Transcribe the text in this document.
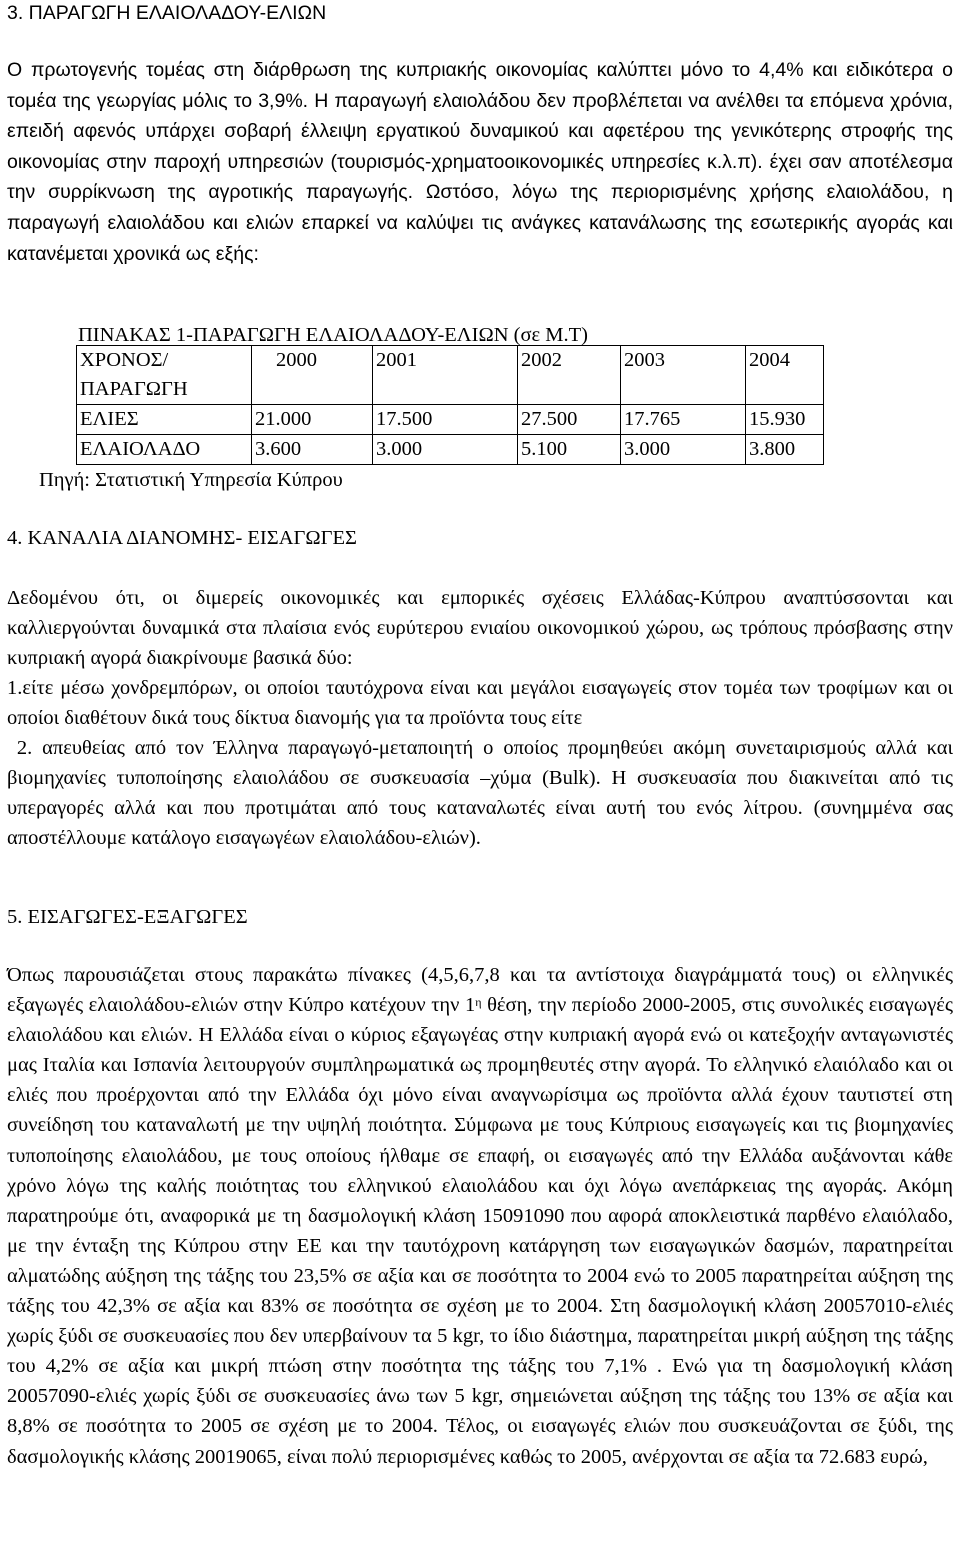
3. ΠΑΡΑΓΩΓΗ ΕΛΑΙΟΛΑΔΟΥ-ΕΛΙΩΝ

Ο πρωτογενής τομέας στη διάρθρωση της κυπριακής οικονομίας καλύπτει μόνο το 4,4% και ειδικότερα ο τομέα της γεωργίας μόλις το 3,9%. Η παραγωγή ελαιολάδου δεν προβλέπεται να ανέλθει τα επόμενα χρόνια, επειδή αφενός υπάρχει σοβαρή έλλειψη εργατικού δυναμικού και αφετέρου της γενικότερης στροφής της οικονομίας στην παροχή υπηρεσιών (τουρισμός-χρηματοοικονομικές υπηρεσίες κ.λ.π). έχει σαν αποτέλεσμα την συρρίκνωση της αγροτικής παραγωγής. Ωστόσο, λόγω της περιορισμένης χρήσης ελαιολάδου, η παραγωγή ελαιολάδου και ελιών επαρκεί να καλύψει τις ανάγκες κατανάλωσης της εσωτερικής αγοράς και κατανέμεται χρονικά ως εξής:

ΠΙΝΑΚΑΣ 1-ΠΑΡΑΓΩΓΗ ΕΛΑΙΟΛΑΔΟΥ-ΕΛΙΩΝ (σε Μ.Τ)

ΧΡΟΝΟΣ/
ΠΑΡΑΓΩΓΗ	2000	2001	2002	2003	2004
ΕΛΙΕΣ	21.000	17.500	27.500	17.765	15.930
ΕΛΑΙΟΛΑΔΟ	3.600	3.000	5.100	3.000	3.800

Πηγή: Στατιστική Υπηρεσία Κύπρου

4. ΚΑΝΑΛΙΑ ΔΙΑΝΟΜΗΣ- ΕΙΣΑΓΩΓΕΣ

Δεδομένου ότι, οι διμερείς οικονομικές και εμπορικές σχέσεις Ελλάδας-Κύπρου αναπτύσσονται και καλλιεργούνται δυναμικά στα πλαίσια ενός ευρύτερου ενιαίου οικονομικού χώρου, ως τρόπους πρόσβασης στην κυπριακή αγορά διακρίνουμε βασικά δύο:

1.είτε μέσω χονδρεμπόρων, οι οποίοι ταυτόχρονα είναι και μεγάλοι εισαγωγείς στον τομέα των τροφίμων και οι οποίοι διαθέτουν δικά τους δίκτυα διανομής για τα προϊόντα τους είτε

2. απευθείας από τον Έλληνα παραγωγό-μεταποιητή ο οποίος προμηθεύει ακόμη συνεταιρισμούς αλλά και βιομηχανίες τυποποίησης ελαιολάδου σε συσκευασία –χύμα (Bulk). Η συσκευασία που διακινείται από τις υπεραγορές αλλά και που προτιμάται από τους καταναλωτές είναι αυτή του ενός λίτρου. (συνημμένα σας αποστέλλουμε κατάλογο εισαγωγέων ελαιολάδου-ελιών).

5. ΕΙΣΑΓΩΓΕΣ-ΕΞΑΓΩΓΕΣ

Όπως παρουσιάζεται στους παρακάτω πίνακες (4,5,6,7,8 και τα αντίστοιχα διαγράμματά τους) οι ελληνικές εξαγωγές ελαιολάδου-ελιών στην Κύπρο κατέχουν την $1^\eta$ θέση, την περίοδο 2000-2005, στις συνολικές εισαγωγές ελαιολάδου και ελιών. Η Ελλάδα είναι ο κύριος εξαγωγέας στην κυπριακή αγορά ενώ οι κατεξοχήν ανταγωνιστές μας Ιταλία και Ισπανία λειτουργούν συμπληρωματικά ως προμηθευτές στην αγορά. Το ελληνικό ελαιόλαδο και οι ελιές που προέρχονται από την Ελλάδα όχι μόνο είναι αναγνωρίσιμα ως προϊόντα αλλά έχουν ταυτιστεί στη συνείδηση του καταναλωτή με την υψηλή ποιότητα. Σύμφωνα με τους Κύπριους εισαγωγείς και τις βιομηχανίες τυποποίησης ελαιολάδου, με τους οποίους ήλθαμε σε επαφή, οι εισαγωγές από την Ελλάδα αυξάνονται κάθε χρόνο λόγω της καλής ποιότητας του ελληνικού ελαιολάδου και όχι λόγω ανεπάρκειας της αγοράς. Ακόμη παρατηρούμε ότι, αναφορικά με τη δασμολογική κλάση 15091090 που αφορά αποκλειστικά παρθένο ελαιόλαδο, με την ένταξη της Κύπρου στην ΕΕ και την ταυτόχρονη κατάργηση των εισαγωγικών δασμών, παρατηρείται αλματώδης αύξηση της τάξης του 23,5% σε αξία και σε ποσότητα το 2004 ενώ το 2005 παρατηρείται αύξηση της τάξης του 42,3% σε αξία και 83% σε ποσότητα σε σχέση με το 2004. Στη δασμολογική κλάση 20057010-ελιές χωρίς ξύδι σε συσκευασίες που δεν υπερβαίνουν τα 5 kgr, το ίδιο διάστημα, παρατηρείται μικρή αύξηση της τάξης του 4,2% σε αξία και μικρή πτώση στην ποσότητα της τάξης του 7,1% . Ενώ για τη δασμολογική κλάση 20057090-ελιές χωρίς ξύδι σε συσκευασίες άνω των 5 kgr, σημειώνεται αύξηση της τάξης του 13% σε αξία και 8,8% σε ποσότητα το 2005 σε σχέση με το 2004. Τέλος, οι εισαγωγές ελιών που συσκευάζονται σε ξύδι, της δασμολογικής κλάσης 20019065, είναι πολύ περιορισμένες καθώς το 2005, ανέρχονται σε αξία τα 72.683 ευρώ,
